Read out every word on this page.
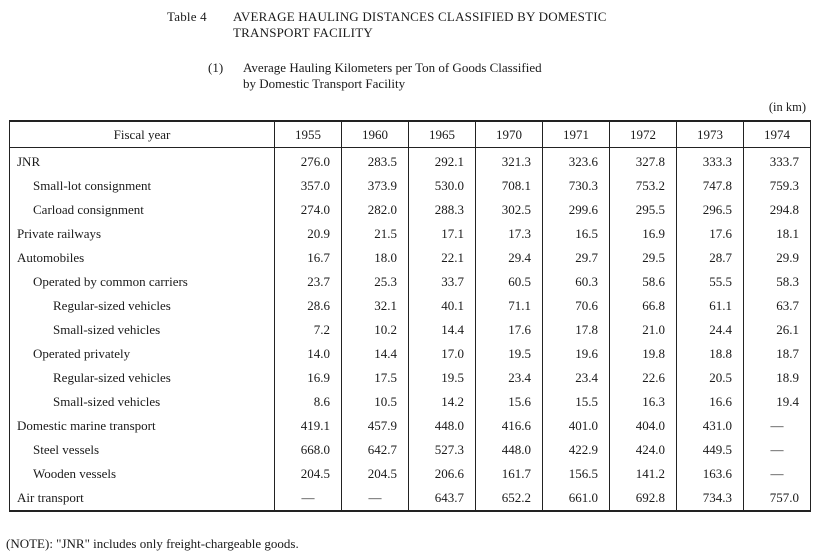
Table 4 AVERAGE HAULING DISTANCES CLASSIFIED BY DOMESTIC
TRANSPORT FACILITY
(1) Average Hauling Kilometers per Ton of Goods Classified
by Domestic Transport Facility
(in km)
Fiscal year	1955	1960	1965	1970	1971	1972	1973	1974
JNR	276.0	283.5	292.1	321.3	323.6	327.8	333.3	333.7
Small-lot consignment	357.0	373.9	530.0	708.1	730.3	753.2	747.8	759.3
Carload consignment	274.0	282.0	288.3	302.5	299.6	295.5	296.5	294.8
Private railways	20.9	21.5	17.1	17.3	16.5	16.9	17.6	18.1
Automobiles	16.7	18.0	22.1	29.4	29.7	29.5	28.7	29.9
Operated by common carriers	23.7	25.3	33.7	60.5	60.3	58.6	55.5	58.3
Regular-sized vehicles	28.6	32.1	40.1	71.1	70.6	66.8	61.1	63.7
Small-sized vehicles	7.2	10.2	14.4	17.6	17.8	21.0	24.4	26.1
Operated privately	14.0	14.4	17.0	19.5	19.6	19.8	18.8	18.7
Regular-sized vehicles	16.9	17.5	19.5	23.4	23.4	22.6	20.5	18.9
Small-sized vehicles	8.6	10.5	14.2	15.6	15.5	16.3	16.6	19.4
Domestic marine transport	419.1	457.9	448.0	416.6	401.0	404.0	431.0	—
Steel vessels	668.0	642.7	527.3	448.0	422.9	424.0	449.5	—
Wooden vessels	204.5	204.5	206.6	161.7	156.5	141.2	163.6	—
Air transport	—	—	643.7	652.2	661.0	692.8	734.3	757.0
(NOTE): "JNR" includes only freight-chargeable goods.
